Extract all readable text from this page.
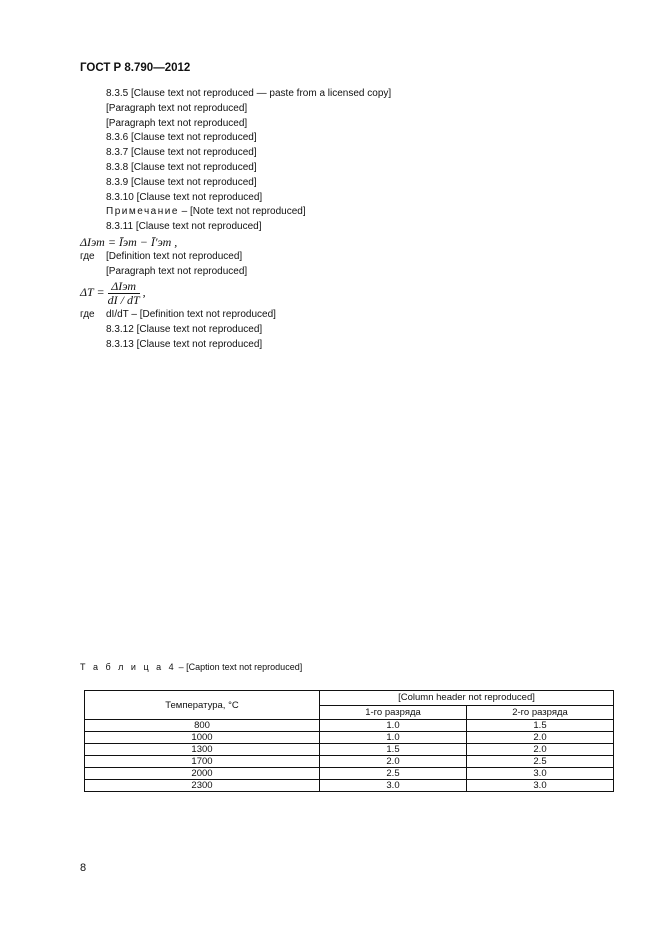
ГОСТ Р 8.790—2012

8.3.5 [Clause text not reproduced — paste from a licensed copy]

[Paragraph text not reproduced]

[Paragraph text not reproduced]

8.3.6 [Clause text not reproduced]

8.3.7 [Clause text not reproduced]

8.3.8 [Clause text not reproduced]

8.3.9 [Clause text not reproduced]

8.3.10 [Clause text not reproduced]

Примечание – [Note text not reproduced]

8.3.11 [Clause text not reproduced]

ΔIэт = Īэт − Ī′эт ,

где	[Definition text not reproduced]

[Paragraph text not reproduced]

$\Delta T = \frac{\text{ΔIэт}}{dI / dT}$ ,

где	dI/dT – [Definition text not reproduced]

8.3.12 [Clause text not reproduced]

8.3.13 [Clause text not reproduced]

Т а б л и ц а 4 – [Caption text not reproduced]
Температура, °С	[Column header not reproduced]	
	1-го разряда	2-го разряда
800	1.0	1.5
1000	1.0	2.0
1300	1.5	2.0
1700	2.0	2.5
2000	2.5	3.0
2300	3.0	3.0
8
